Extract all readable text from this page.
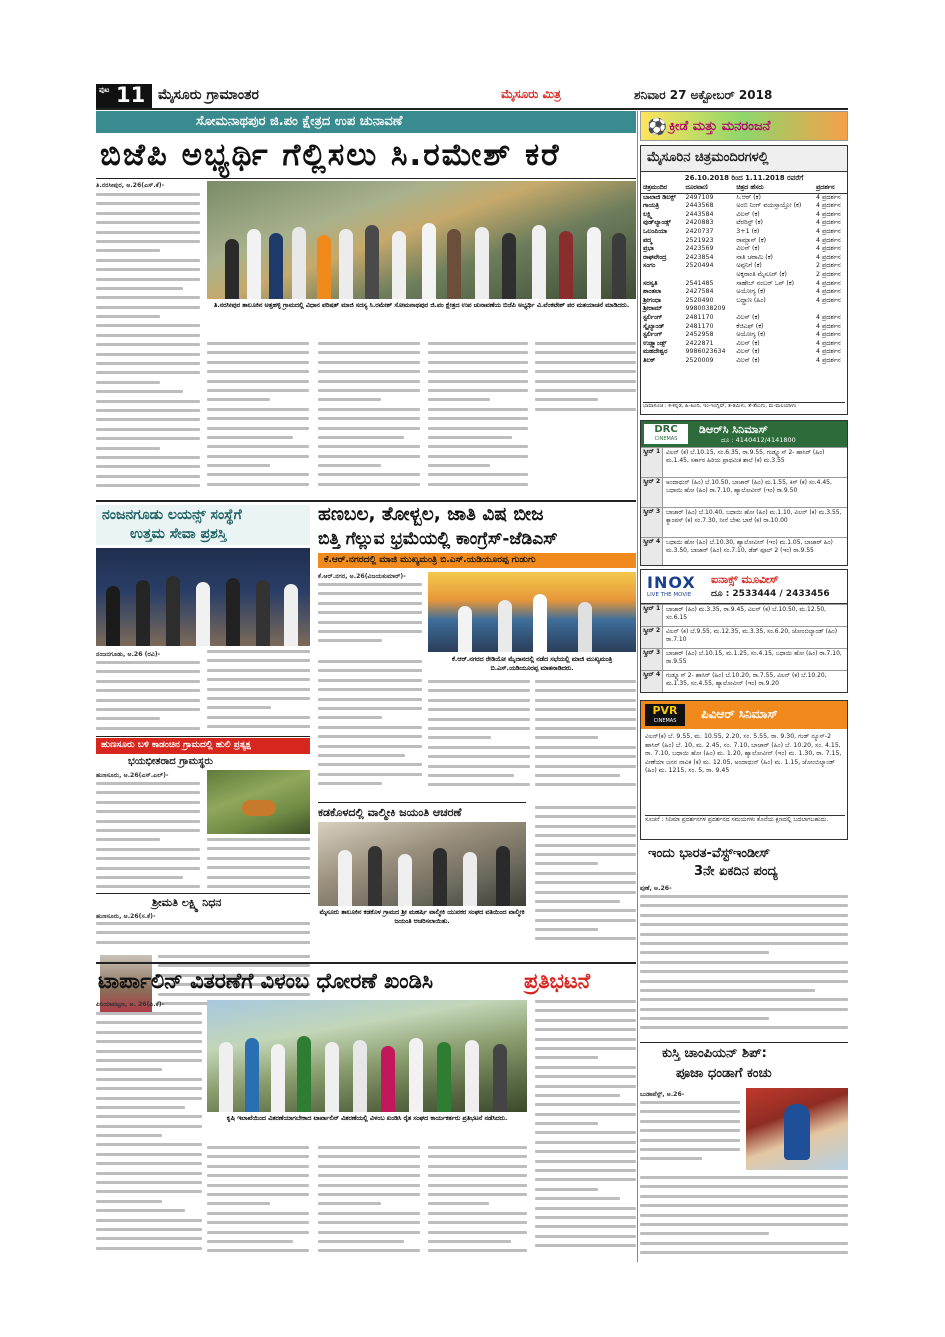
ಪುಟ 11 ಮೈಸೂರು ಗ್ರಾಮಾಂತರ	ಮೈಸೂರು ಮಿತ್ರ	ಶನಿವಾರ 27 ಅಕ್ಟೋಬರ್ 2018
⚽ ಕ್ರೀಡೆ ಮತ್ತು ಮನರಂಜನೆ
ಸೋಮನಾಥಪುರ ಜಿ.ಪಂ ಕ್ಷೇತ್ರದ ಉಪ ಚುನಾವಣೆ
ಬಿಜೆಪಿ ಅಭ್ಯರ್ಥಿ ಗೆಲ್ಲಿಸಲು ಸಿ.ರಮೇಶ್ ಕರೆ
ತಿ.ನರಸೀಪುರ, ಅ.26(ಎಸ್.ಕೆ)-
ತಿ.ನರಸೀಪುರ ತಾಲೂಕಿನ ಅತ್ತಹಳ್ಳಿ ಗ್ರಾಮದಲ್ಲಿ ವಿಧಾನ ಪರಿಷತ್ ಮಾಜಿ ಸದಸ್ಯ ಸಿ.ರಮೇಶ್ ಸೋಮನಾಥಪುರ ಜಿ.ಪಂ ಕ್ಷೇತ್ರದ ಉಪ ಚುನಾವಣೆಯ ಬಿಜೆಪಿ ಅಭ್ಯರ್ಥಿ ವಿ.ವೆಂಕಟೇಶ್ ಪರ ಮತಯಾಚನೆ ಮಾಡಿದರು.
ನಂಜನಗೂಡು ಲಯನ್ಸ್ ಸಂಸ್ಥೆಗೆ
ಉತ್ತಮ ಸೇವಾ ಪ್ರಶಸ್ತಿ
ನಂಜನಗೂಡು, ಅ.26 (ರವಿ)-
ಹುಣಸೂರು ಬಳಿ ಕಾಡಂಚಿನ ಗ್ರಾಮದಲ್ಲಿ ಹುಲಿ ಪ್ರತ್ಯಕ್ಷ
ಭಯಭೀತರಾದ ಗ್ರಾಮಸ್ಥರು
ಹುಣಸೂರು, ಅ.26(ಎಸ್.ಎಲ್)-
ಶ್ರೀಮತಿ ಲಕ್ಷ್ಮಿ ನಿಧನ
ಹುಣಸೂರು, ಅ.26(ಸ.ಕೆ)-
ಹಣಬಲ, ತೋಳ್ಬಲ, ಜಾತಿ ವಿಷ ಬೀಜ
ಬಿತ್ತಿ ಗೆಲ್ಲುವ ಭ್ರಮೆಯಲ್ಲಿ ಕಾಂಗ್ರೆಸ್-ಜೆಡಿಎಸ್
ಕೆ.ಆರ್.ನಗರದಲ್ಲಿ ಮಾಜಿ ಮುಖ್ಯಮಂತ್ರಿ ಬಿ.ಎಸ್.ಯಡಿಯೂರಪ್ಪ ಗುಡುಗು
ಕೆ.ಆರ್.ನಗರ, ಅ.26(ವಿಜಯಕುಮಾರ್)-
ಕೆ.ಆರ್.ನಗರದ ರೇಡಿಯೋ ಮೈದಾನದಲ್ಲಿ ನಡೆದ ಸಭೆಯಲ್ಲಿ ಮಾಜಿ ಮುಖ್ಯಮಂತ್ರಿ ಬಿ.ಎಸ್.ಯಡಿಯೂರಪ್ಪ ಮಾತನಾಡಿದರು.
ಕಡಕೊಳದಲ್ಲಿ ವಾಲ್ಮೀಕಿ ಜಯಂತಿ ಆಚರಣೆ
ಮೈಸೂರು ತಾಲೂಕಿನ ಕಡಕೊಳ ಗ್ರಾಮದ ಶ್ರೀ ಮಹರ್ಷಿ ವಾಲ್ಮೀಕಿ ಯುವಕರ ಸಂಘದ ವತಿಯಿಂದ ವಾಲ್ಮೀಕಿ ಜಯಂತಿ ಆಚರಿಸಲಾಯಿತು.
ಟಾರ್ಪಾಲಿನ್ ವಿತರಣೆಗೆ ವಿಳಂಬ ಧೋರಣೆ ಖಂಡಿಸಿ	ಪ್ರತಿಭಟನೆ
ಪಿರಿಯಾಪಟ್ಟಣ, ಅ. 26(ಪಿ.ಕೆ)-
ಕೃಷಿ ಇಲಾಖೆಯಿಂದ ವಿತರಣೆಯಾಗಬೇಕಾದ ಟಾರ್ಪಾಲಿನ್ ವಿತರಣೆಯಲ್ಲಿ ವಿಳಂಬ ಖಂಡಿಸಿ ರೈತ ಸಂಘದ ಕಾರ್ಯಕರ್ತರು ಪ್ರತಿಭಟನೆ ನಡೆಸಿದರು.
ಮೈಸೂರಿನ ಚಿತ್ರಮಂದಿರಗಳಲ್ಲಿ
26.10.2018 ರಿಂದ 1.11.2018 ರವರೆಗೆ
ಚಿತ್ರಮಂದಿರ	ದೂರವಾಣಿ	ಚಿತ್ರದ ಹೆಸರು	ಪ್ರದರ್ಶನ
ಬಾಲಾಜಿ ಡಿಲಕ್ಸ್	2497109	ಸಿ.ಆರ್ (ಕ)	4 ಪ್ರದರ್ಶನ
ಗಾಯತ್ರಿ	2443568	ಅಂಬಿ ನಿಂಗ್ ವಯಸ್ಸಾಯ್ತೋ (ಕ)	4 ಪ್ರದರ್ಶನ
ಲಕ್ಷ್ಮಿ	2443584	ವಿಲನ್ (ಕ)	4 ಪ್ರದರ್ಶನ
ವುಡ್‌ಲ್ಯಾಂಡ್ಸ್	2420883	ಟೆರರಿಸ್ಟ್ (ಕ)	4 ಪ್ರದರ್ಶನ
ಒಲಂಪಿಯಾ	2420737	3+1 (ಕ)	4 ಪ್ರದರ್ಶನ
ಪದ್ಮ	2521923	ರಾಮ್ಬಾನ್ (ಕ)	4 ಪ್ರದರ್ಶನ
ಪ್ರಭಾ	2423569	ವಿಲನ್ (ಕ)	4 ಪ್ರದರ್ಶನ
ರಾಘವೇಂದ್ರ	2423854	ನಾತಿ ಚರಾಮಿ (ಕ)	4 ಪ್ರದರ್ಶನ
ಸಂಗಂ	2520494	ಅಪ್ಪನಿಗೆ (ಕ)	2 ಪ್ರದರ್ಶನ
		ಅಕ್ಕರಾಂತಿ ಮೈಸೂರ್ (ಕ)	2 ಪ್ರದರ್ಶನ
ಸರಸ್ವತಿ	2541485	ಸಾಹೇಬ್ ನಂಬರ್ ಒನ್ (ಕ)	4 ಪ್ರದರ್ಶನ
ಶಾಂತಲಾ	2427584	ಅಯೋಗ್ಯ (ಕ)	4 ಪ್ರದರ್ಶನ
ಶ್ರೀಗಂಧಾ	2520490	ಬದ್ಧ್ಯಾಣ (ಹಿಂ)	4 ಪ್ರದರ್ಶನ
ಶ್ರೀರಾಮ್	9980038209		
ಸ್ಟರ್ಲಿಂಗ್	2481170	ವಿಲನ್ (ಕ)	4 ಪ್ರದರ್ಶನ
ಸ್ಕೈಲ್ಯಾಂಡ್	2481170	ಕೆಜಿಎಫ್ (ಕ)	4 ಪ್ರದರ್ಶನ
ಸ್ಟರ್ಲಿಂಗ್	2452958	ಅಯೋಗ್ಯ (ಕ)	4 ಪ್ರದರ್ಶನ
ಉಡ್ಲ್ಯಾಂಡ್ಸ್	2422871	ವಿಲನ್ (ಕ)	4 ಪ್ರದರ್ಶನ
ಮಹದೇಶ್ವರ	9986023634	ವಿಲನ್ (ಕ)	4 ಪ್ರದರ್ಶನ
ತಿಲಕ್	2520009	ವಿಲನ್ (ಕ)	4 ಪ್ರದರ್ಶನ
ಭಾಷಾಸೂಚಿ : ಕ-ಕನ್ನಡ, ಹಿ-ಹಿಂದಿ, ಇಂ-ಇಂಗ್ಲಿಷ್, ತ-ತಮಿಳು, ತೆ-ತೆಲುಗು, ಮ-ಮಲಯಾಳಂ
DRC
CINEMAS
ಡಿಆರ್‌ಸಿ ಸಿನಿಮಾಸ್
ದೂ : 4140412/4141800
ಸ್ಕ್ರೀನ್ 1 ವಿಲನ್ (ಕ) ಬೆ.10.15, ಸಂ.6.35, ರಾ.9.55, ಗುಡ್ನ್ಯೂಸ್ 2- ಹಾಸಿರ್ (ಹಿಂ) ಮ.1.45, ಸರ್ಕಾರ ಹಿರಿಯ ಪ್ರಾಥಮಿಕ ಶಾಲೆ (ಕ) ಮ.3.55
ಸ್ಕ್ರೀನ್ 2 ಅಂದಾಧುನ್ (ಹಿಂ) ಬೆ.10.50, ಬಾಜಾರ್ (ಹಿಂ) ಮ.1.55, ಕಿಸ್ (ಕ) ಸಂ.4.45, ಬಧಾಯಿ ಹೋ (ಹಿಂ) ರಾ.7.10, ಹ್ಯಾಲೋವೀನ್ (ಇಂ) ರಾ.9.50
ಸ್ಕ್ರೀನ್ 3 ಬಾಜಾರ್ (ಹಿಂ) ಬೆ.10.40, ಬಧಾಯಿ ಹೋ (ಹಿಂ) ಮ.1.10, ವಿಲನ್ (ಕ) ಮ.3.55, ಕ್ಯಾಂಪಸ್ (ಕ) ಸಂ.7.30, ನೀನೆ ಬೇಕು ಬಾರೆ (ಕ) ರಾ.10.00
ಸ್ಕ್ರೀನ್ 4 ಬಧಾಯಿ ಹೋ (ಹಿಂ) ಬೆ.10.30, ಹ್ಯಾಲೋವೀನ್ (ಇಂ) ಮ.1.05, ಬಾಜಾರ್ ಹಿಂ) ಮ.3.50, ಬಾಜಾರ್ (ಹಿಂ) ಸಂ.7.10, ಡೆಡ್ ಪೂಲ್ 2 (ಇಂ) ರಾ.9.55
INOX
LIVE THE MOVIE
ಐನಾಕ್ಸ್ ಮೂವೀಸ್
ದೂ : 2533444 / 2433456
ಸ್ಕ್ರೀನ್ 1 ಬಾಜಾರ್ (ಹಿಂ) ಮ.3.35, ರಾ.9.45, ವಿಲನ್ (ಕ) ಬೆ.10.50, ಮ.12.50, ಸಂ.6.15
ಸ್ಕ್ರೀನ್ 2 ವಿಲನ್ (ಕ) ಬೆ.9.55, ಮ.12.35, ಮ.3.35, ಸಂ.6.20, ಜೋಂಬಿಲ್ಯಾಂಡ್ (ಹಿಂ) ರಾ.7.10
ಸ್ಕ್ರೀನ್ 3 ಬಾಜಾರ್ (ಹಿಂ) ಬೆ.10.15, ಮ.1.25, ಸಂ.4.15, ಬಧಾಯಿ ಹೋ (ಹಿಂ) ರಾ.7.10, ರಾ.9.55
ಸ್ಕ್ರೀನ್ 4 ಗುಡ್ನ್ಯೂಸ್ 2- ಹಾಸಿರ್ (ಹಿಂ) ಬೆ.10.20, ರಾ.7.55, ವಿಲನ್ (ಕ) ಬೆ.10.20, ಮ.1.35, ಸಂ.4.55, ಹ್ಯಾಲೋವೀನ್ (ಇಂ) ರಾ.9.20
PVR
CINEMAS	ಪಿವಿಆರ್ ಸಿನಿಮಾಸ್
ವಿಲನ್(ಕ) ಬೆ. 9.55, ಮ. 10.55, 2.20, ಸಂ. 5.55, ರಾ. 9.30, ಗುಡ್ ನ್ಯೂಸ್-2 ಹಾಸಿರ್ (ಹಿಂ) ಬೆ. 10, ಮ. 2.45, ಸಂ. 7.10, ಬಾಜಾರ್ (ಹಿಂ) ಬೆ. 10.20, ಸಂ. 4.15, ರಾ. 7.10, ಬಧಾಯಿ ಹೋ (ಹಿಂ) ಮ. 1.20, ಹ್ಯಾಲೋವೀನ್ (ಇಂ) ಮ. 1.30, ರಾ. 7.15, ವೀಣೆಯಾ ಜನನ ನಾವಿಕ (ಕ) ಮ. 12.05, ಅಂದಾಧುನ್ (ಹಿಂ) ಮ. 1.15, ಜೋಂಬಿಲ್ಯಾಂಡ್ (ಹಿಂ) ಮ. 1215, ಸಂ. 5, ರಾ. 9.45
ಸೂಚನೆ : ಸಿನಿಮಾ ಪ್ರದರ್ಶನಗಳ ಪ್ರದರ್ಶನದ ಸಮಯಗಳು ಕೊನೆಯ ಕ್ಷಣದಲ್ಲಿ ಬದಲಾಗಬಹುದು.
ಇಂದು ಭಾರತ-ವೆಸ್ಟ್‌ಇಂಡೀಸ್
3ನೇ ಏಕದಿನ ಪಂದ್ಯ
ಪುಣೆ, ಅ.26-
ಕುಸ್ತಿ ಚಾಂಪಿಯನ್ ಶಿಪ್:
ಪೂಜಾ ಧಂಡಾಗೆ ಕಂಚು
ಬುಡಾಪೆಸ್ಟ್, ಅ.26-
